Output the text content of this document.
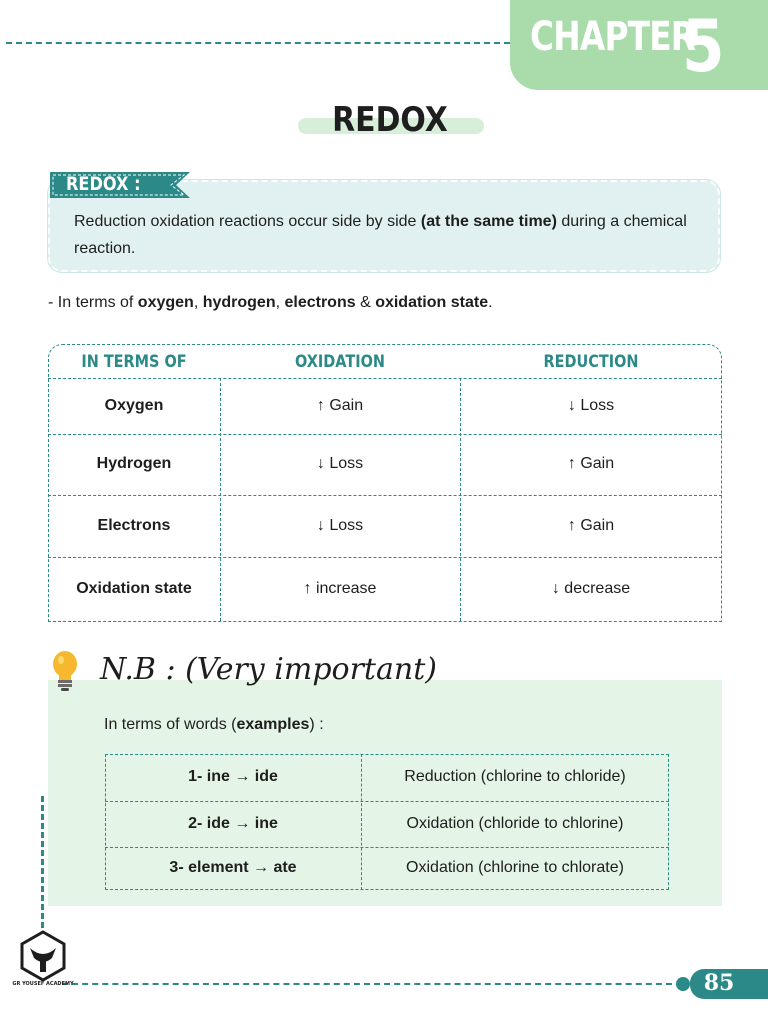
CHAPTER
5
REDOX
REDOX :

Reduction oxidation reactions occur side by side (at the same time) during a chemical reaction.

- In terms of oxygen, hydrogen, electrons & oxidation state.

IN TERMS OF	OXIDATION	REDUCTION
Oxygen	↑ Gain	↓ Loss
Hydrogen	↓ Loss	↑ Gain
Electrons	↓ Loss	↑ Gain
Oxidation state	↑ increase	↓ decrease
N.B : (Very important)

In terms of words (examples) :

1- ine → ide	Reduction (chlorine to chloride)
2- ide → ine	Oxidation (chloride to chlorine)
3- element → ate	Oxidation (chlorine to chlorate)
85
GR YOUSEF ACADEMY
